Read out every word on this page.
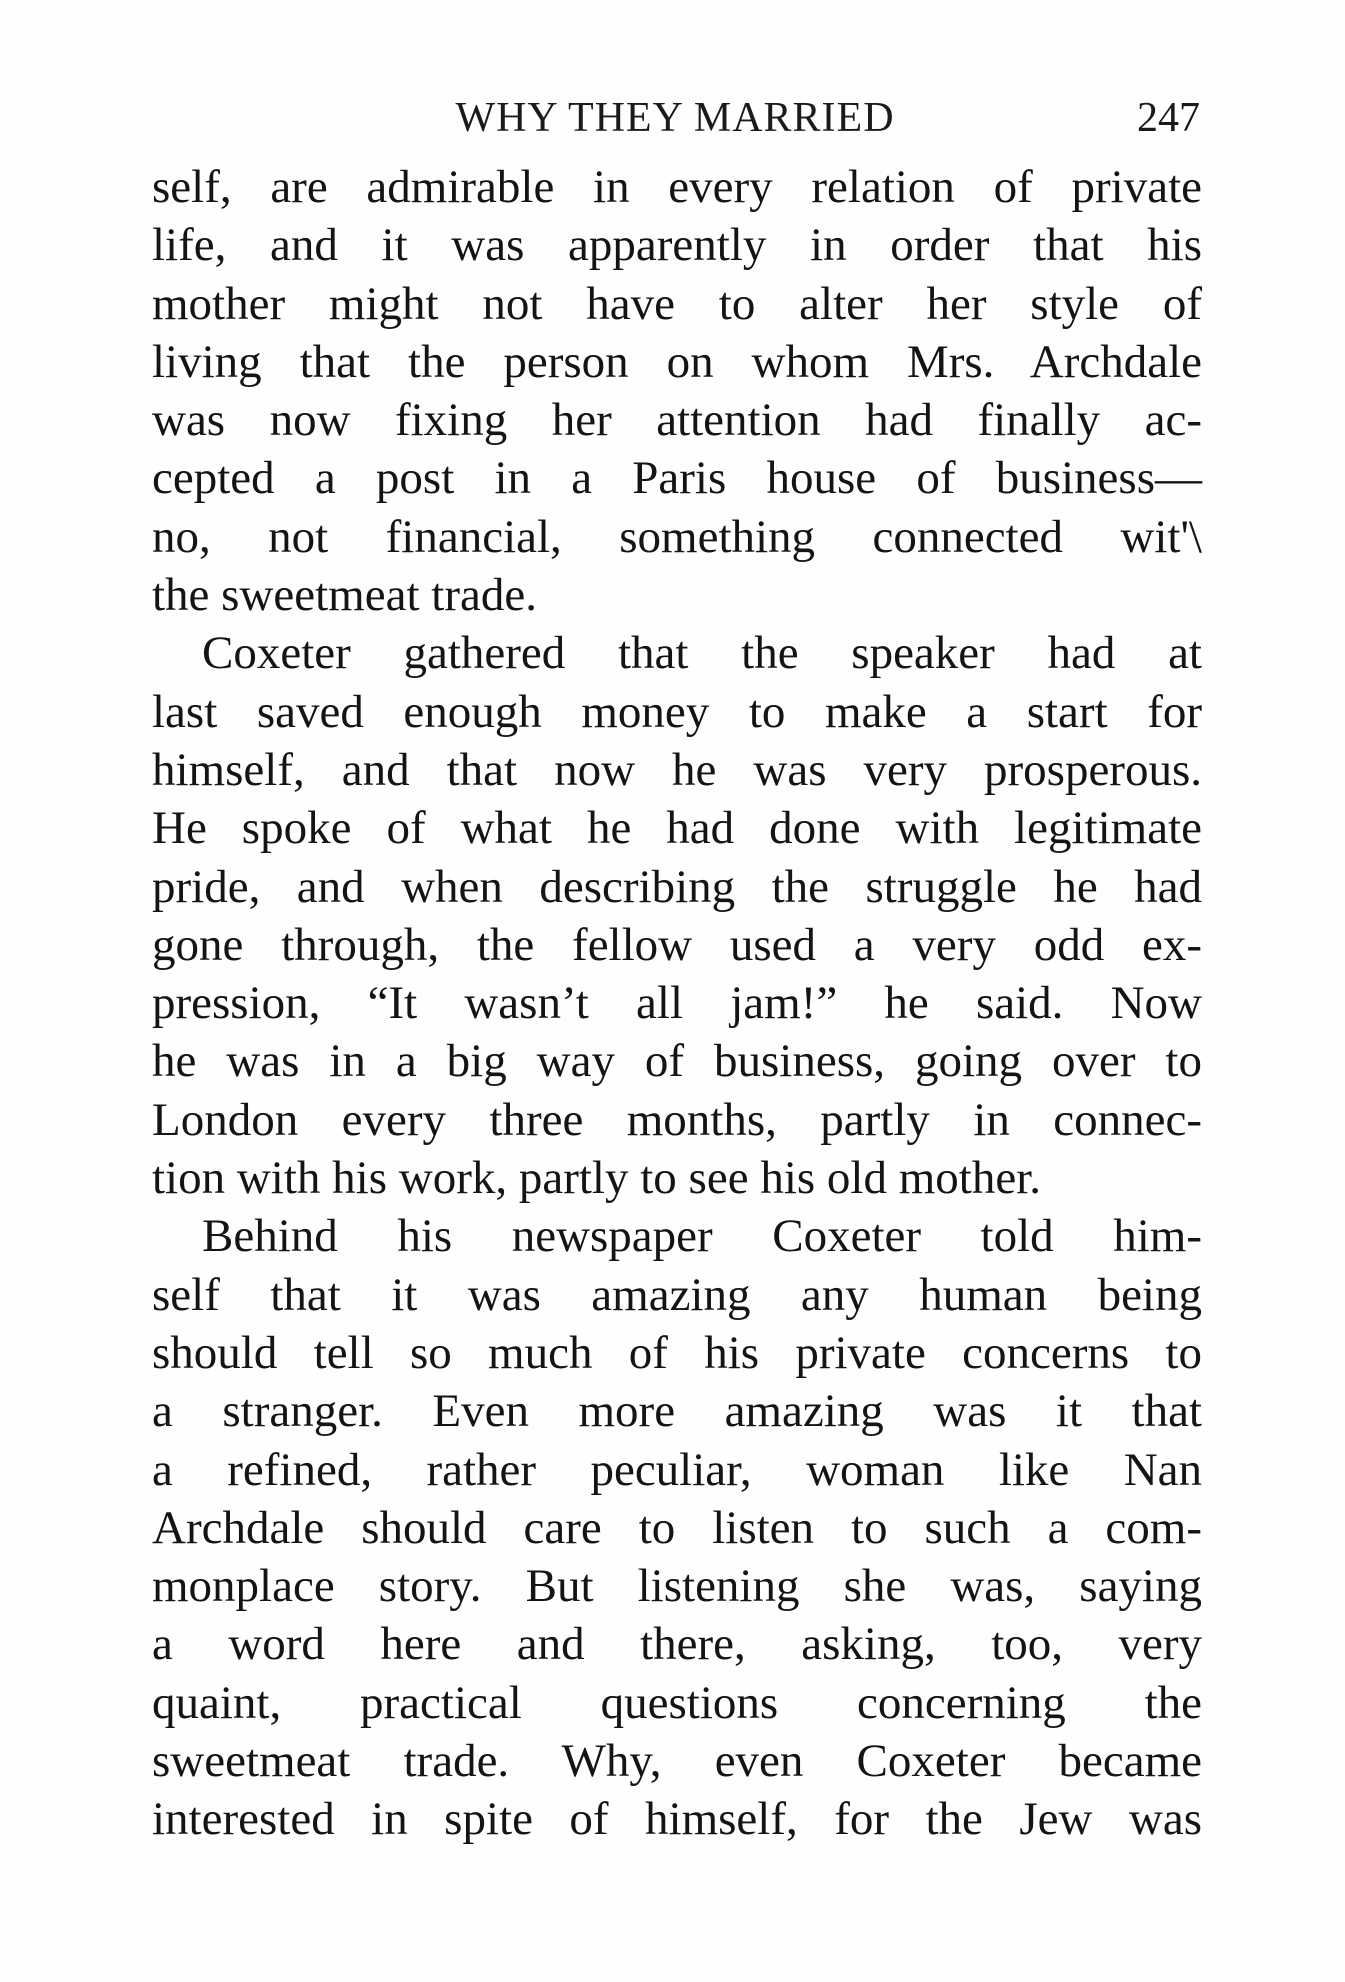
WHY THEY MARRIED	247
self, are admirable in every relation of private
life, and it was apparently in order that his
mother might not have to alter her style of
living that the person on whom Mrs. Archdale
was now fixing her attention had finally ac-
cepted a post in a Paris house of business—
no, not financial, something connected wit'\
the sweetmeat trade.
Coxeter gathered that the speaker had at
last saved enough money to make a start for
himself, and that now he was very prosperous.
He spoke of what he had done with legitimate
pride, and when describing the struggle he had
gone through, the fellow used a very odd ex-
pression, “It wasn’t all jam!” he said. Now
he was in a big way of business, going over to
London every three months, partly in connec-
tion with his work, partly to see his old mother.
Behind his newspaper Coxeter told him-
self that it was amazing any human being
should tell so much of his private concerns to
a stranger. Even more amazing was it that
a refined, rather peculiar, woman like Nan
Archdale should care to listen to such a com-
monplace story. But listening she was, saying
a word here and there, asking, too, very
quaint, practical questions concerning the
sweetmeat trade. Why, even Coxeter became
interested in spite of himself, for the Jew was
